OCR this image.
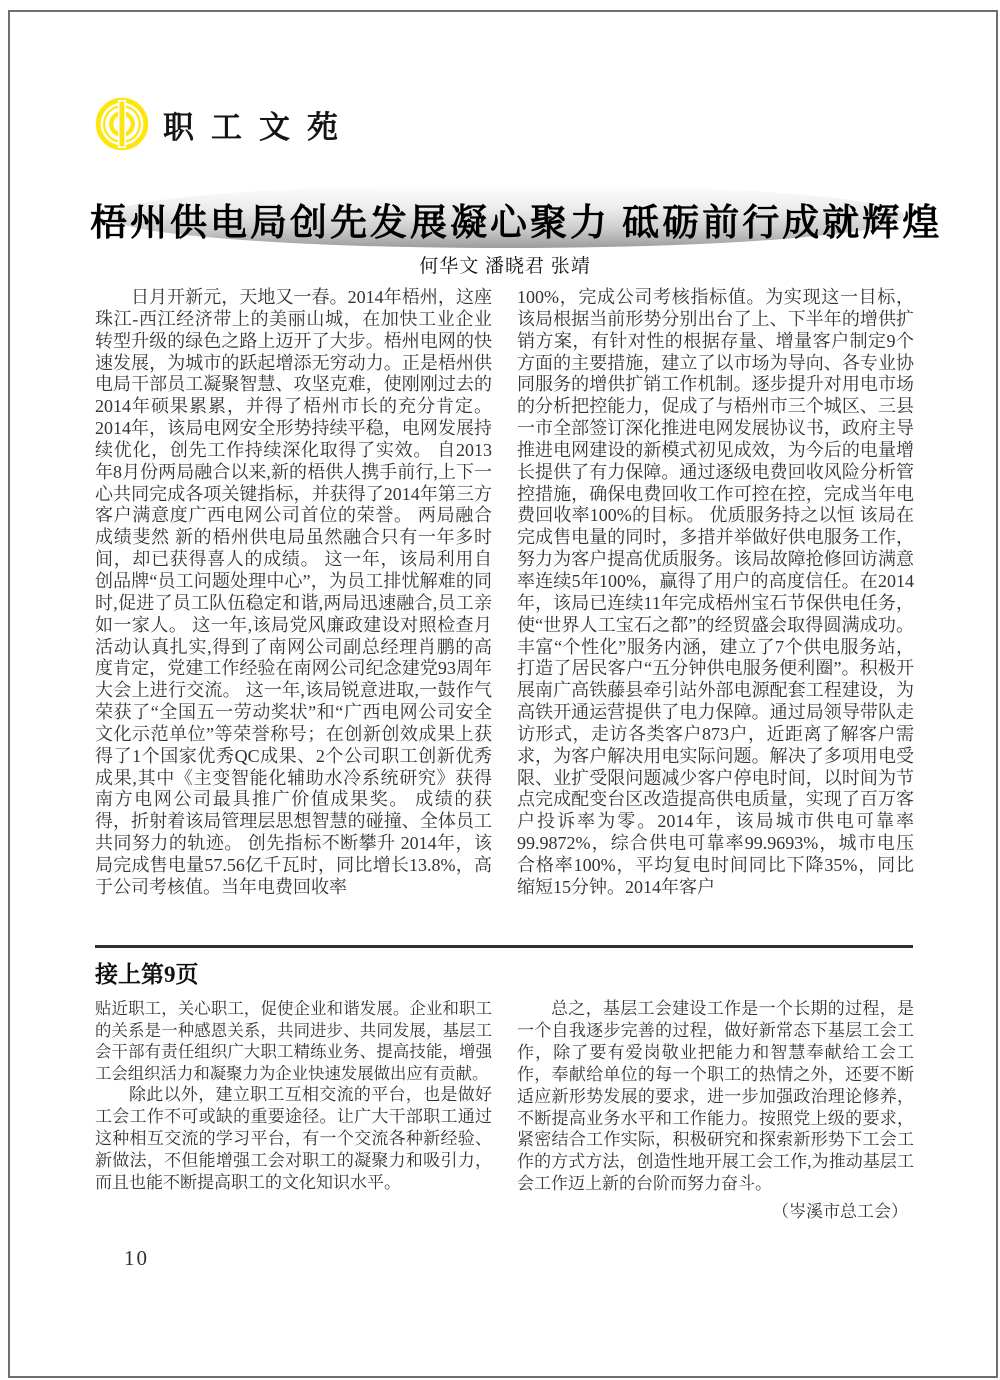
职工文苑
梧州供电局创先发展凝心聚力 砥砺前行成就辉煌
何华文 潘晓君 张靖

日月开新元，天地又一春。2014年梧州，这座珠江-西江经济带上的美丽山城，在加快工业企业转型升级的绿色之路上迈开了大步。梧州电网的快速发展，为城市的跃起增添无穷动力。正是梧州供电局干部员工凝聚智慧、攻坚克难，使刚刚过去的2014年硕果累累，并得了梧州市长的充分肯定。 2014年，该局电网安全形势持续平稳，电网发展持续优化，创先工作持续深化取得了实效。 自2013年8月份两局融合以来,新的梧供人携手前行,上下一心共同完成各项关键指标，并获得了2014年第三方客户满意度广西电网公司首位的荣誉。 两局融合成绩斐然 新的梧州供电局虽然融合只有一年多时间，却已获得喜人的成绩。 这一年，该局利用自创品牌“员工问题处理中心”，为员工排忧解难的同时,促进了员工队伍稳定和谐,两局迅速融合,员工亲如一家人。 这一年,该局党风廉政建设对照检查月活动认真扎实,得到了南网公司副总经理肖鹏的高度肯定，党建工作经验在南网公司纪念建党93周年大会上进行交流。 这一年,该局锐意进取,一鼓作气荣获了“全国五一劳动奖状”和“广西电网公司安全文化示范单位”等荣誉称号；在创新创效成果上获得了1个国家优秀QC成果、2个公司职工创新优秀成果,其中《主变智能化辅助水冷系统研究》获得南方电网公司最具推广价值成果奖。 成绩的获得，折射着该局管理层思想智慧的碰撞、全体员工共同努力的轨迹。 创先指标不断攀升 2014年，该局完成售电量57.56亿千瓦时，同比增长13.8%，高于公司考核值。当年电费回收率

100%，完成公司考核指标值。为实现这一目标，该局根据当前形势分别出台了上、下半年的增供扩销方案，有针对性的根据存量、增量客户制定9个方面的主要措施，建立了以市场为导向、各专业协同服务的增供扩销工作机制。逐步提升对用电市场的分析把控能力，促成了与梧州市三个城区、三县一市全部签订深化推进电网发展协议书，政府主导推进电网建设的新模式初见成效，为今后的电量增长提供了有力保障。通过逐级电费回收风险分析管控措施，确保电费回收工作可控在控，完成当年电费回收率100%的目标。 优质服务持之以恒 该局在完成售电量的同时，多措并举做好供电服务工作，努力为客户提高优质服务。该局故障抢修回访满意率连续5年100%，赢得了用户的高度信任。在2014年，该局已连续11年完成梧州宝石节保供电任务，使“世界人工宝石之都”的经贸盛会取得圆满成功。丰富“个性化”服务内涵，建立了7个供电服务站，打造了居民客户“五分钟供电服务便利圈”。积极开展南广高铁藤县牵引站外部电源配套工程建设，为高铁开通运营提供了电力保障。通过局领导带队走访形式，走访各类客户873户，近距离了解客户需求，为客户解决用电实际问题。解决了多项用电受限、业扩受限问题减少客户停电时间，以时间为节点完成配变台区改造提高供电质量，实现了百万客户投诉率为零。2014年，该局城市供电可靠率99.9872%，综合供电可靠率99.9693%，城市电压合格率100%，平均复电时间同比下降35%，同比缩短15分钟。2014年客户

接上第9页

贴近职工，关心职工，促使企业和谐发展。企业和职工的关系是一种感恩关系，共同进步、共同发展，基层工会干部有责任组织广大职工精练业务、提高技能，增强工会组织活力和凝聚力为企业快速发展做出应有贡献。

除此以外，建立职工互相交流的平台，也是做好工会工作不可或缺的重要途径。让广大干部职工通过这种相互交流的学习平台，有一个交流各种新经验、新做法，不但能增强工会对职工的凝聚力和吸引力，而且也能不断提高职工的文化知识水平。

总之，基层工会建设工作是一个长期的过程，是一个自我逐步完善的过程，做好新常态下基层工会工作，除了要有爱岗敬业把能力和智慧奉献给工会工作，奉献给单位的每一个职工的热情之外，还要不断适应新形势发展的要求，进一步加强政治理论修养，不断提高业务水平和工作能力。按照党上级的要求，紧密结合工作实际，积极研究和探索新形势下工会工作的方式方法，创造性地开展工会工作,为推动基层工会工作迈上新的台阶而努力奋斗。

（岑溪市总工会）
10
